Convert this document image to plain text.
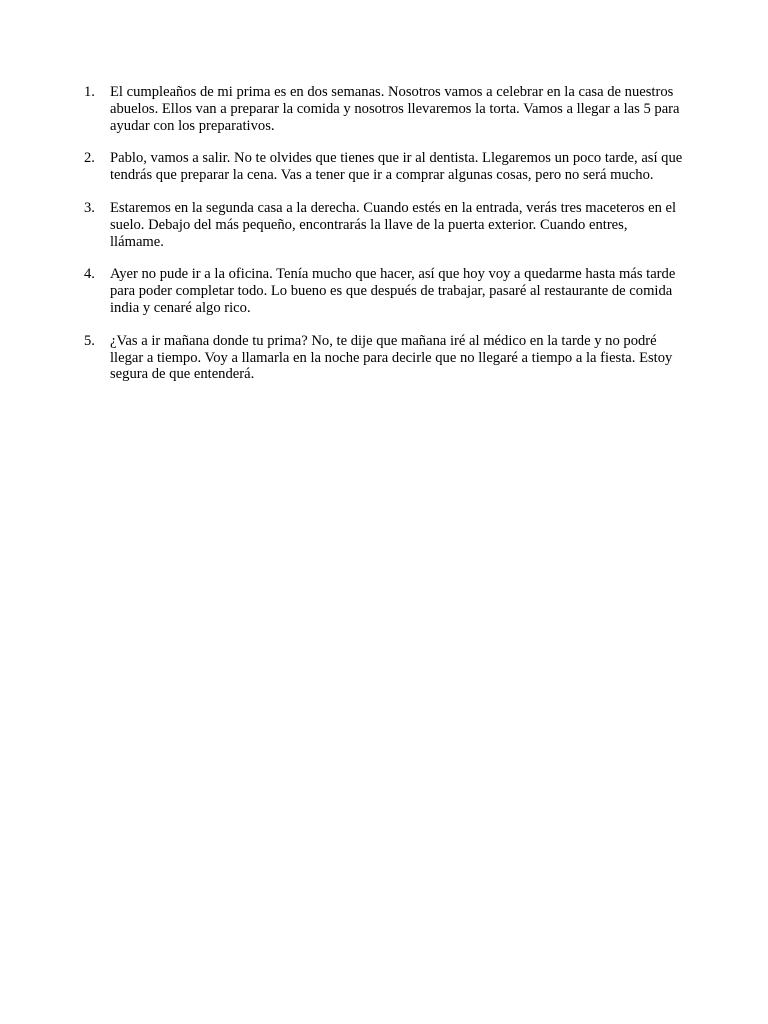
1.	El cumpleaños de mi prima es en dos semanas. Nosotros vamos a celebrar en la casa de nuestros abuelos. Ellos van a preparar la comida y nosotros llevaremos la torta. Vamos a llegar a las 5 para ayudar con los preparativos.
2.	Pablo, vamos a salir. No te olvides que tienes que ir al dentista. Llegaremos un poco tarde, así que tendrás que preparar la cena. Vas a tener que ir a comprar algunas cosas, pero no será mucho.
3.	Estaremos en la segunda casa a la derecha. Cuando estés en la entrada, verás tres maceteros en el suelo. Debajo del más pequeño, encontrarás la llave de la puerta exterior. Cuando entres, llámame.
4.	Ayer no pude ir a la oficina. Tenía mucho que hacer, así que hoy voy a quedarme hasta más tarde para poder completar todo. Lo bueno es que después de trabajar, pasaré al restaurante de comida india y cenaré algo rico.
5.	¿Vas a ir mañana donde tu prima? No, te dije que mañana iré al médico en la tarde y no podré llegar a tiempo. Voy a llamarla en la noche para decirle que no llegaré a tiempo a la fiesta. Estoy segura de que entenderá.
